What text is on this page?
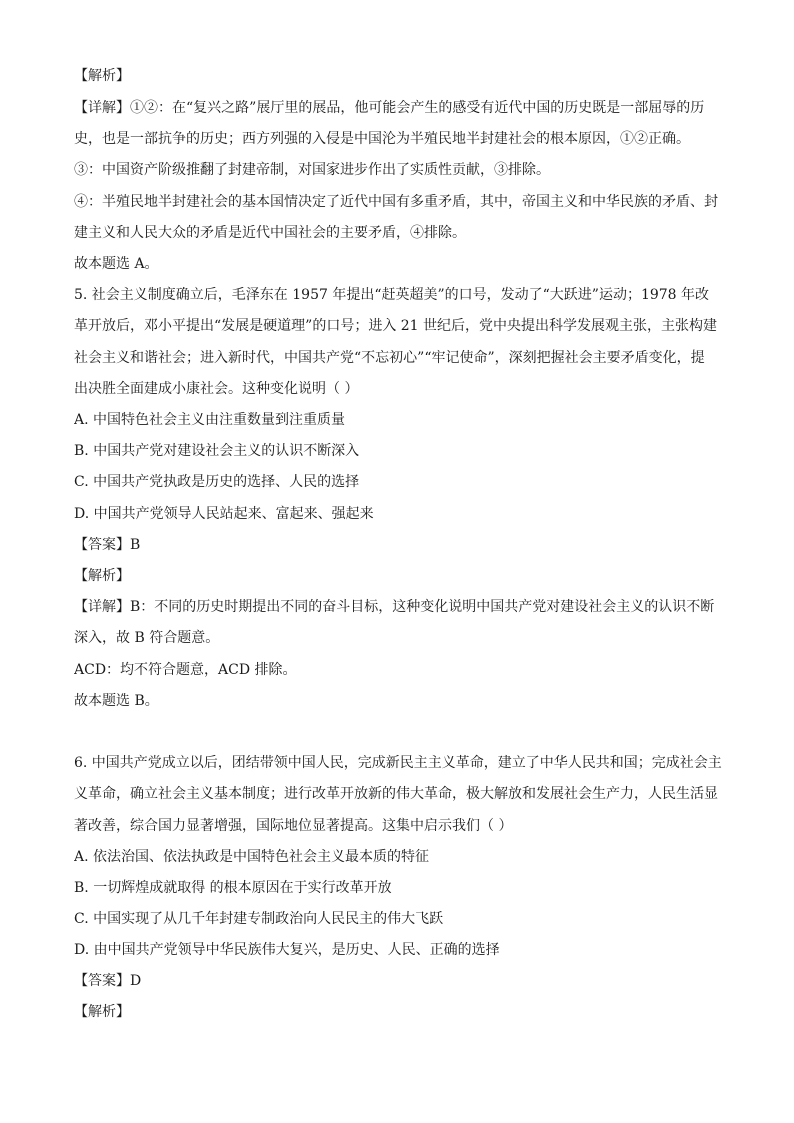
【解析】
【详解】①②：在“复兴之路”展厅里的展品，他可能会产生的感受有近代中国的历史既是一部屈辱的历
史，也是一部抗争的历史；西方列强的入侵是中国沦为半殖民地半封建社会的根本原因，①②正确。
③：中国资产阶级推翻了封建帝制，对国家进步作出了实质性贡献，③排除。
④：半殖民地半封建社会的基本国情决定了近代中国有多重矛盾，其中，帝国主义和中华民族的矛盾、封
建主义和人民大众的矛盾是近代中国社会的主要矛盾，④排除。
故本题选 A。
5. 社会主义制度确立后，毛泽东在 1957 年提出“赶英超美”的口号，发动了“大跃进”运动；1978 年改
革开放后，邓小平提出“发展是硬道理”的口号；进入 21 世纪后，党中央提出科学发展观主张，主张构建
社会主义和谐社会；进入新时代，中国共产党“不忘初心”“牢记使命”，深刻把握社会主要矛盾变化，提
出决胜全面建成小康社会。这种变化说明（ ）
A. 中国特色社会主义由注重数量到注重质量
B. 中国共产党对建设社会主义的认识不断深入
C. 中国共产党执政是历史的选择、人民的选择
D. 中国共产党领导人民站起来、富起来、强起来
【答案】B
【解析】
【详解】B：不同的历史时期提出不同的奋斗目标，这种变化说明中国共产党对建设社会主义的认识不断
深入，故 B 符合题意。
ACD：均不符合题意，ACD 排除。
故本题选 B。
6. 中国共产党成立以后，团结带领中国人民，完成新民主主义革命，建立了中华人民共和国；完成社会主
义革命，确立社会主义基本制度；进行改革开放新的伟大革命，极大解放和发展社会生产力，人民生活显
著改善，综合国力显著增强，国际地位显著提高。这集中启示我们（ ）
A. 依法治国、依法执政是中国特色社会主义最本质的特征
B. 一切辉煌成就取得 的根本原因在于实行改革开放
C. 中国实现了从几千年封建专制政治向人民民主的伟大飞跃
D. 由中国共产党领导中华民族伟大复兴，是历史、人民、正确的选择
【答案】D
【解析】
